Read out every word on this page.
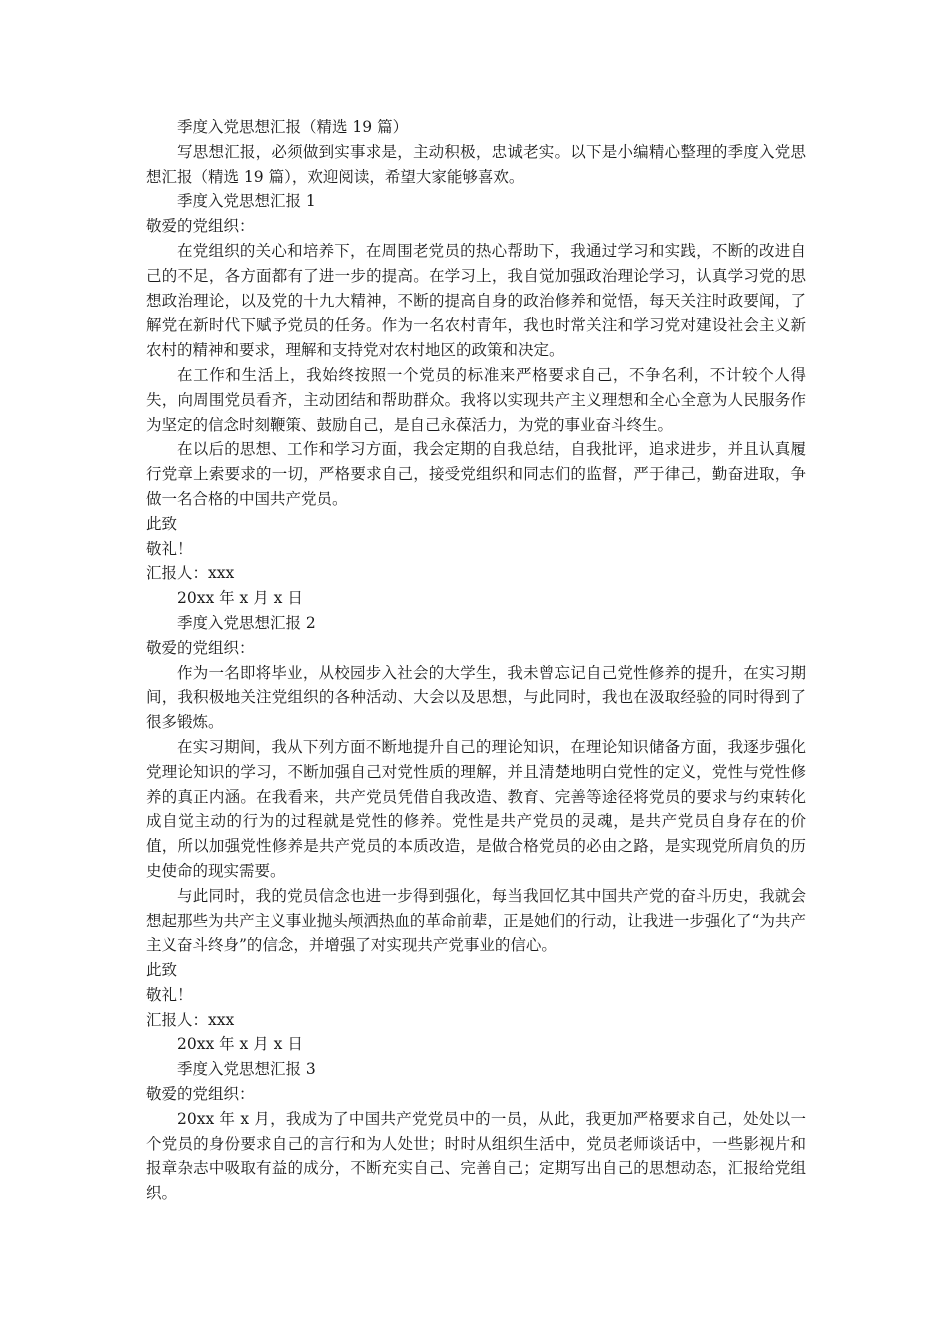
季度入党思想汇报（精选 19 篇）

写思想汇报，必须做到实事求是，主动积极，忠诚老实。以下是小编精心整理的季度入党思想汇报（精选 19 篇），欢迎阅读，希望大家能够喜欢。

季度入党思想汇报 1

敬爱的党组织：

在党组织的关心和培养下，在周围老党员的热心帮助下，我通过学习和实践，不断的改进自己的不足，各方面都有了进一步的提高。在学习上，我自觉加强政治理论学习，认真学习党的思想政治理论，以及党的十九大精神，不断的提高自身的政治修养和觉悟，每天关注时政要闻，了解党在新时代下赋予党员的任务。作为一名农村青年，我也时常关注和学习党对建设社会主义新农村的精神和要求，理解和支持党对农村地区的政策和决定。

在工作和生活上，我始终按照一个党员的标准来严格要求自己，不争名利，不计较个人得失，向周围党员看齐，主动团结和帮助群众。我将以实现共产主义理想和全心全意为人民服务作为坚定的信念时刻鞭策、鼓励自己，是自己永葆活力，为党的事业奋斗终生。

在以后的思想、工作和学习方面，我会定期的自我总结，自我批评，追求进步，并且认真履行党章上索要求的一切，严格要求自己，接受党组织和同志们的监督，严于律己，勤奋进取，争做一名合格的中国共产党员。

此致

敬礼！

汇报人：xxx

20xx 年 x 月 x 日

季度入党思想汇报 2

敬爱的党组织：

作为一名即将毕业，从校园步入社会的大学生，我未曾忘记自己党性修养的提升，在实习期间，我积极地关注党组织的各种活动、大会以及思想，与此同时，我也在汲取经验的同时得到了很多锻炼。

在实习期间，我从下列方面不断地提升自己的理论知识，在理论知识储备方面，我逐步强化党理论知识的学习，不断加强自己对党性质的理解，并且清楚地明白党性的定义，党性与党性修养的真正内涵。在我看来，共产党员凭借自我改造、教育、完善等途径将党员的要求与约束转化成自觉主动的行为的过程就是党性的修养。党性是共产党员的灵魂，是共产党员自身存在的价值，所以加强党性修养是共产党员的本质改造，是做合格党员的必由之路，是实现党所肩负的历史使命的现实需要。

与此同时，我的党员信念也进一步得到强化，每当我回忆其中国共产党的奋斗历史，我就会想起那些为共产主义事业抛头颅洒热血的革命前辈，正是她们的行动，让我进一步强化了“为共产主义奋斗终身”的信念，并增强了对实现共产党事业的信心。

此致

敬礼！

汇报人：xxx

20xx 年 x 月 x 日

季度入党思想汇报 3

敬爱的党组织：

20xx 年 x 月，我成为了中国共产党党员中的一员，从此，我更加严格要求自己，处处以一个党员的身份要求自己的言行和为人处世；时时从组织生活中，党员老师谈话中，一些影视片和报章杂志中吸取有益的成分，不断充实自己、完善自己；定期写出自己的思想动态，汇报给党组织。
